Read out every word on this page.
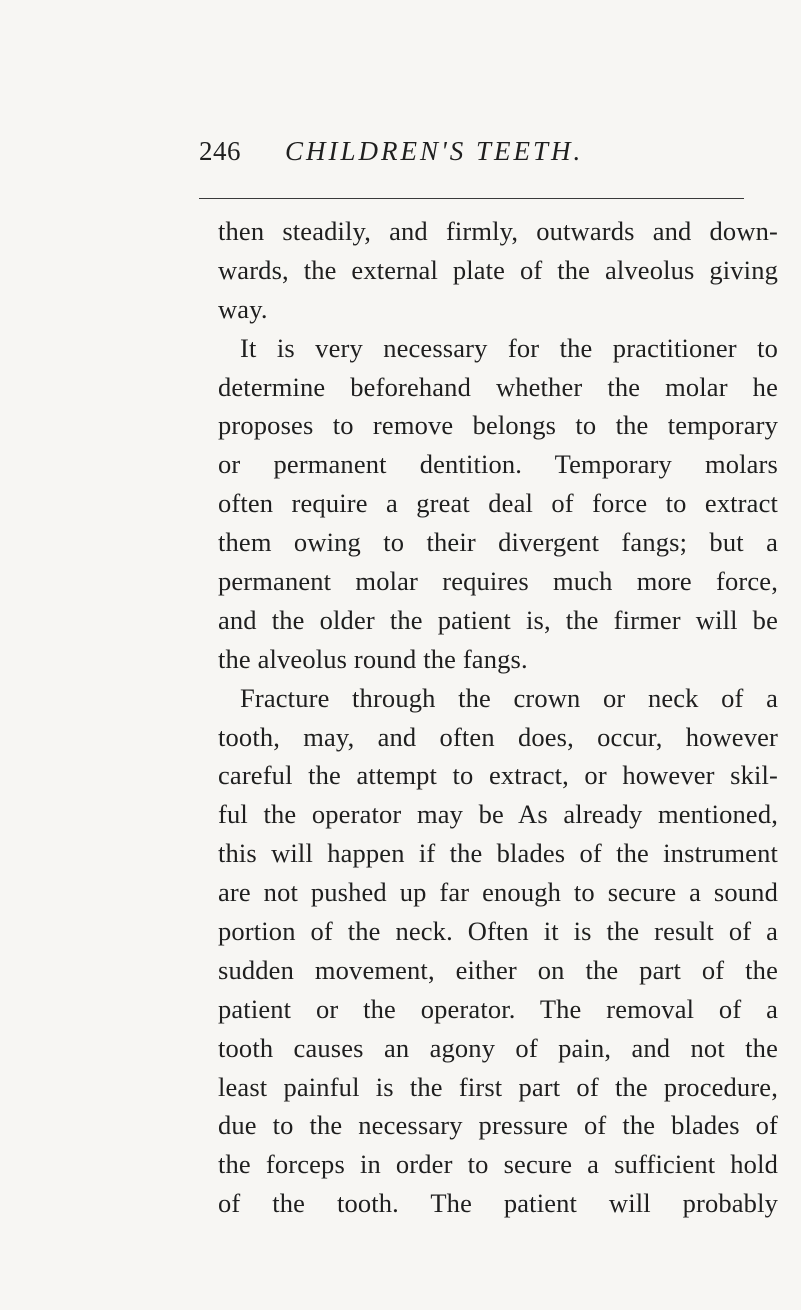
246 CHILDREN'S TEETH.
then steadily, and firmly, outwards and down-
wards, the external plate of the alveolus giving
way.
It is very necessary for the practitioner to
determine beforehand whether the molar he
proposes to remove belongs to the temporary
or permanent dentition. Temporary molars
often require a great deal of force to extract
them owing to their divergent fangs; but a
permanent molar requires much more force,
and the older the patient is, the firmer will be
the alveolus round the fangs.
Fracture through the crown or neck of a
tooth, may, and often does, occur, however
careful the attempt to extract, or however skil-
ful the operator may be As already mentioned,
this will happen if the blades of the instrument
are not pushed up far enough to secure a sound
portion of the neck. Often it is the result of a
sudden movement, either on the part of the
patient or the operator. The removal of a
tooth causes an agony of pain, and not the
least painful is the first part of the procedure,
due to the necessary pressure of the blades of
the forceps in order to secure a sufficient hold
of the tooth. The patient will probably
